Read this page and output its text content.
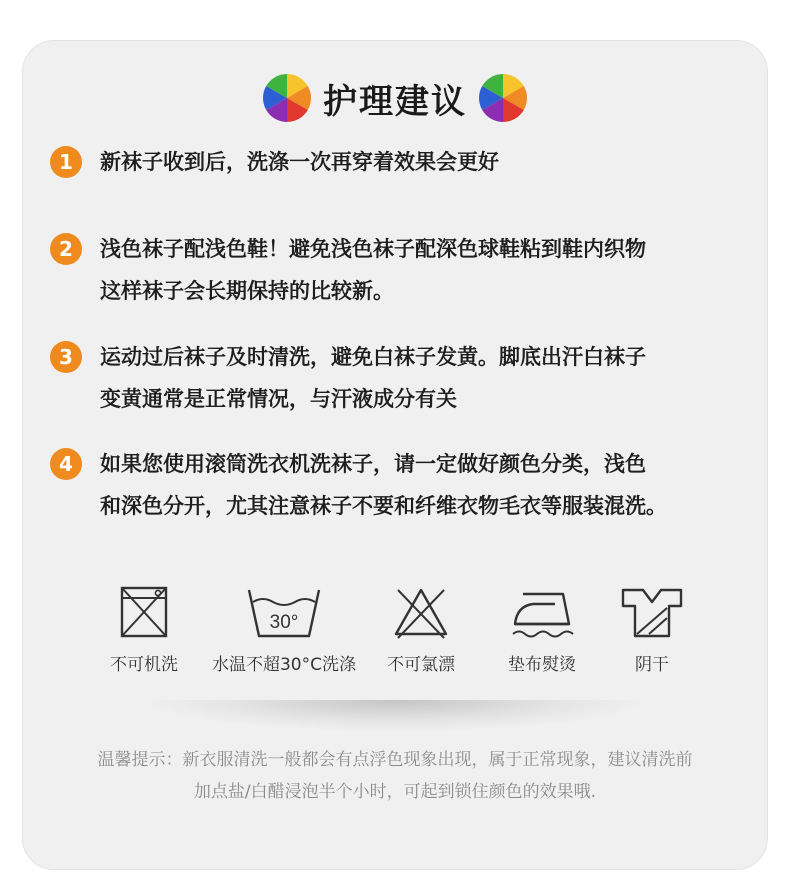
护理建议
1	新袜子收到后，洗涤一次再穿着效果会更好
2	浅色袜子配浅色鞋！避免浅色袜子配深色球鞋粘到鞋内织物
这样袜子会长期保持的比较新。
3	运动过后袜子及时清洗，避免白袜子发黄。脚底出汗白袜子
变黄通常是正常情况，与汗液成分有关
4	如果您使用滚筒洗衣机洗袜子，请一定做好颜色分类，浅色
和深色分开，尤其注意袜子不要和纤维衣物毛衣等服装混洗。
不可机洗
30°
水温不超30°C洗涤	不可氯漂	垫布熨烫	阴干
温馨提示：新衣服清洗一般都会有点浮色现象出现，属于正常现象，建议清洗前
加点盐/白醋浸泡半个小时，可起到锁住颜色的效果哦.
